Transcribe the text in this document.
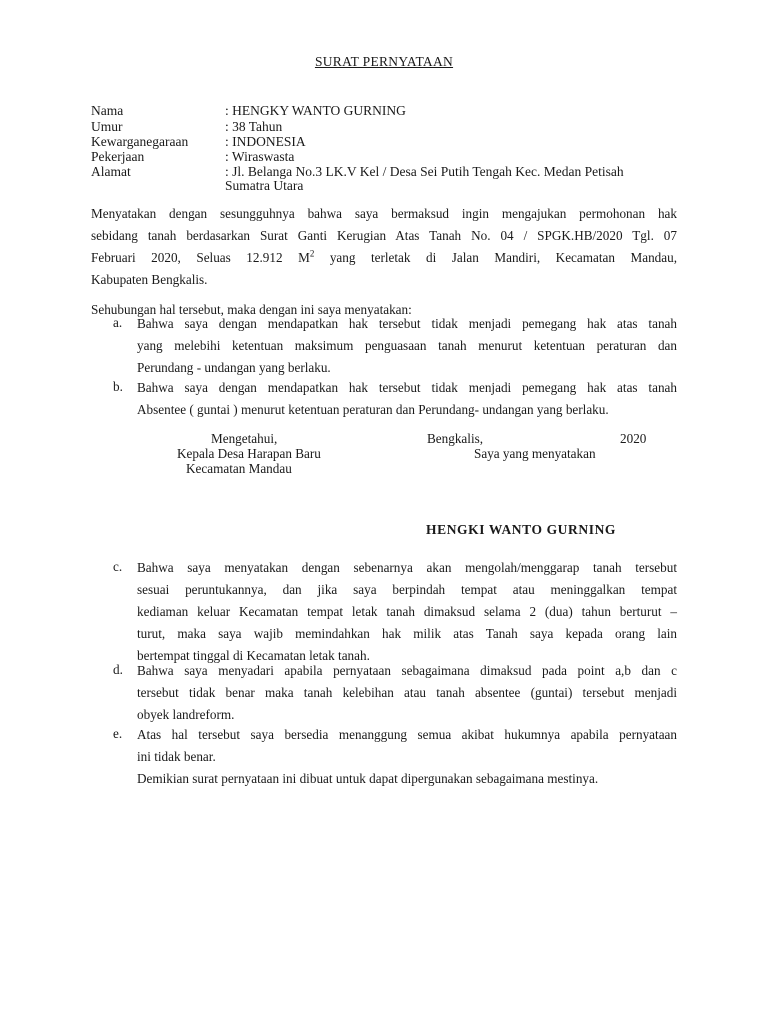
SURAT PERNYATAAN
Nama	: HENGKY WANTO GURNING
Umur	: 38 Tahun
Kewarganegaraan	: INDONESIA
Pekerjaan	: Wiraswasta
Alamat	: Jl. Belanga No.3 LK.V Kel / Desa Sei Putih Tengah Kec. Medan Petisah
Sumatra Utara
Menyatakan dengan sesungguhnya bahwa saya bermaksud ingin mengajukan permohonan hak
sebidang tanah berdasarkan Surat Ganti Kerugian Atas Tanah No. 04 / SPGK.HB/2020 Tgl. 07
Februari 2020, Seluas 12.912 $M^2$ yang terletak di Jalan Mandiri, Kecamatan Mandau,
Kabupaten Bengkalis.
Sehubungan hal tersebut, maka dengan ini saya menyatakan:
a. Bahwa saya dengan mendapatkan hak tersebut tidak menjadi pemegang hak atas tanah
yang melebihi ketentuan maksimum penguasaan tanah menurut ketentuan peraturan dan
Perundang - undangan yang berlaku.
b. Bahwa saya dengan mendapatkan hak tersebut tidak menjadi pemegang hak atas tanah
Absentee ( guntai ) menurut ketentuan peraturan dan Perundang- undangan yang berlaku.
Mengetahui,
Kepala Desa Harapan Baru
Kecamatan Mandau
Bengkalis,	2020
Saya yang menyatakan
HENGKI WANTO GURNING
c. Bahwa saya menyatakan dengan sebenarnya akan mengolah/menggarap tanah tersebut
sesuai peruntukannya, dan jika saya berpindah tempat atau meninggalkan tempat
kediaman keluar Kecamatan tempat letak tanah dimaksud selama 2 (dua) tahun berturut –
turut, maka saya wajib memindahkan hak milik atas Tanah saya kepada orang lain
bertempat tinggal di Kecamatan letak tanah.
d. Bahwa saya menyadari apabila pernyataan sebagaimana dimaksud pada point a,b dan c
tersebut tidak benar maka tanah kelebihan atau tanah absentee (guntai) tersebut menjadi
obyek landreform.
e. Atas hal tersebut saya bersedia menanggung semua akibat hukumnya apabila pernyataan
ini tidak benar.
Demikian surat pernyataan ini dibuat untuk dapat dipergunakan sebagaimana mestinya.
